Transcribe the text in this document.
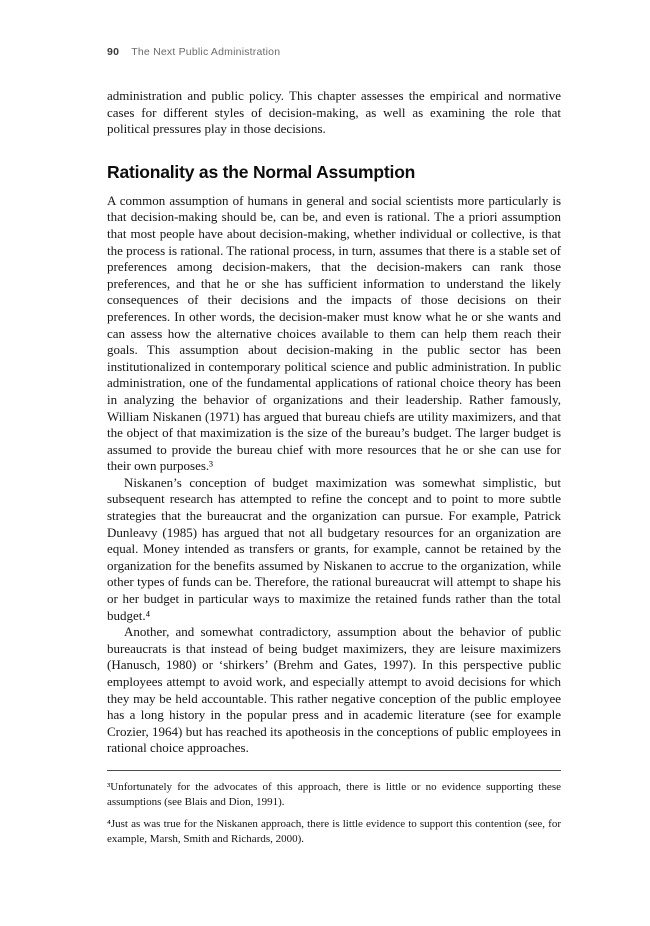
90 The Next Public Administration

administration and public policy. This chapter assesses the empirical and normative cases for different styles of decision-making, as well as examining the role that political pressures play in those decisions.

Rationality as the Normal Assumption

A common assumption of humans in general and social scientists more particularly is that decision-making should be, can be, and even is rational. The a priori assumption that most people have about decision-making, whether individual or collective, is that the process is rational. The rational process, in turn, assumes that there is a stable set of preferences among decision-makers, that the decision-makers can rank those preferences, and that he or she has sufficient information to understand the likely consequences of their decisions and the impacts of those decisions on their preferences. In other words, the decision-maker must know what he or she wants and can assess how the alternative choices available to them can help them reach their goals. This assumption about decision-making in the public sector has been institutionalized in contemporary political science and public administration. In public administration, one of the fundamental applications of rational choice theory has been in analyzing the behavior of organizations and their leadership. Rather famously, William Niskanen (1971) has argued that bureau chiefs are utility maximizers, and that the object of that maximization is the size of the bureau’s budget. The larger budget is assumed to provide the bureau chief with more resources that he or she can use for their own purposes.³

Niskanen’s conception of budget maximization was somewhat simplistic, but subsequent research has attempted to refine the concept and to point to more subtle strategies that the bureaucrat and the organization can pursue. For example, Patrick Dunleavy (1985) has argued that not all budgetary resources for an organization are equal. Money intended as transfers or grants, for example, cannot be retained by the organization for the benefits assumed by Niskanen to accrue to the organization, while other types of funds can be. Therefore, the rational bureaucrat will attempt to shape his or her budget in particular ways to maximize the retained funds rather than the total budget.⁴

Another, and somewhat contradictory, assumption about the behavior of public bureaucrats is that instead of being budget maximizers, they are leisure maximizers (Hanusch, 1980) or ‘shirkers’ (Brehm and Gates, 1997). In this perspective public employees attempt to avoid work, and especially attempt to avoid decisions for which they may be held accountable. This rather negative conception of the public employee has a long history in the popular press and in academic literature (see for example Crozier, 1964) but has reached its apotheosis in the conceptions of public employees in rational choice approaches.

³Unfortunately for the advocates of this approach, there is little or no evidence supporting these assumptions (see Blais and Dion, 1991).

⁴Just as was true for the Niskanen approach, there is little evidence to support this contention (see, for example, Marsh, Smith and Richards, 2000).
